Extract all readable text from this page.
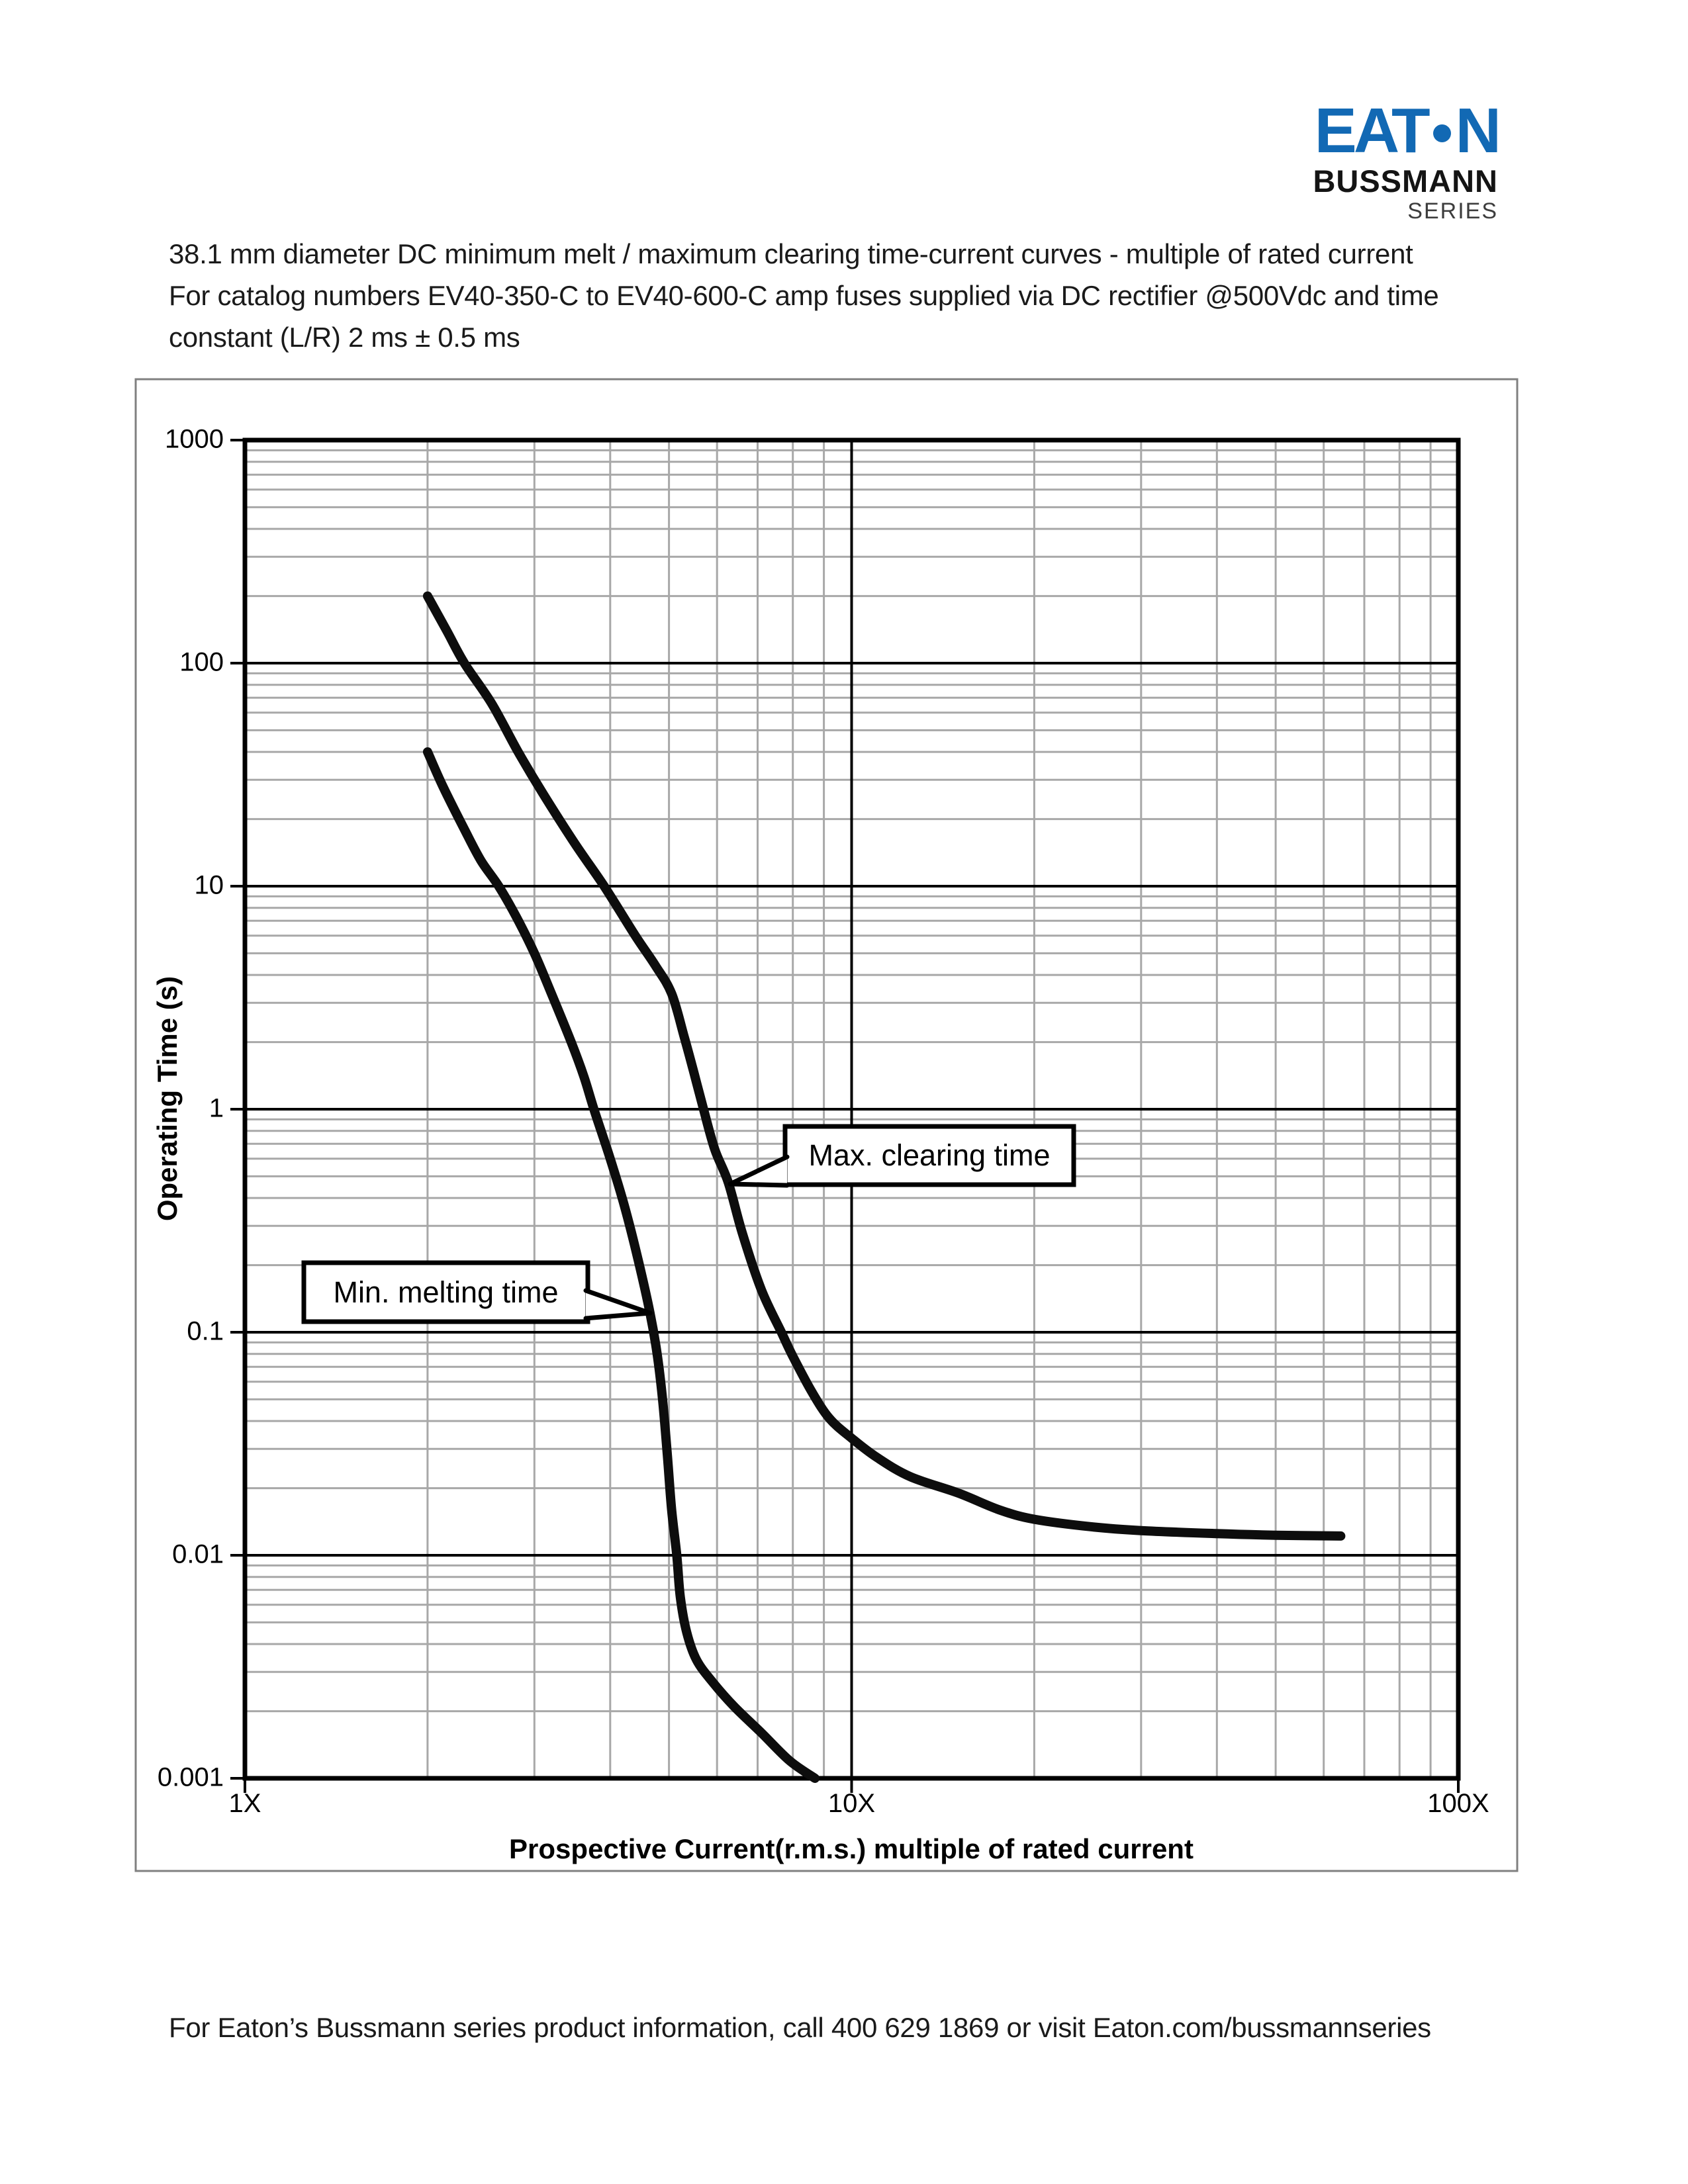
EAT N
BUSSMANN
SERIES
38.1 mm diameter DC minimum melt / maximum clearing time-current curves - multiple of rated current
For catalog numbers EV40-350-C to EV40-600-C amp fuses supplied via DC rectifier @500Vdc and time
constant (L/R) 2 ms ± 0.5 ms
Operating Time (s)
Prospective Current(r.m.s.) multiple of rated current
Min. melting time
Max. clearing time
1000
100
10
1
0.1
0.01
0.001
1X	10X	100X
For Eaton’s Bussmann series product information, call 400 629 1869 or visit Eaton.com/bussmannseries
